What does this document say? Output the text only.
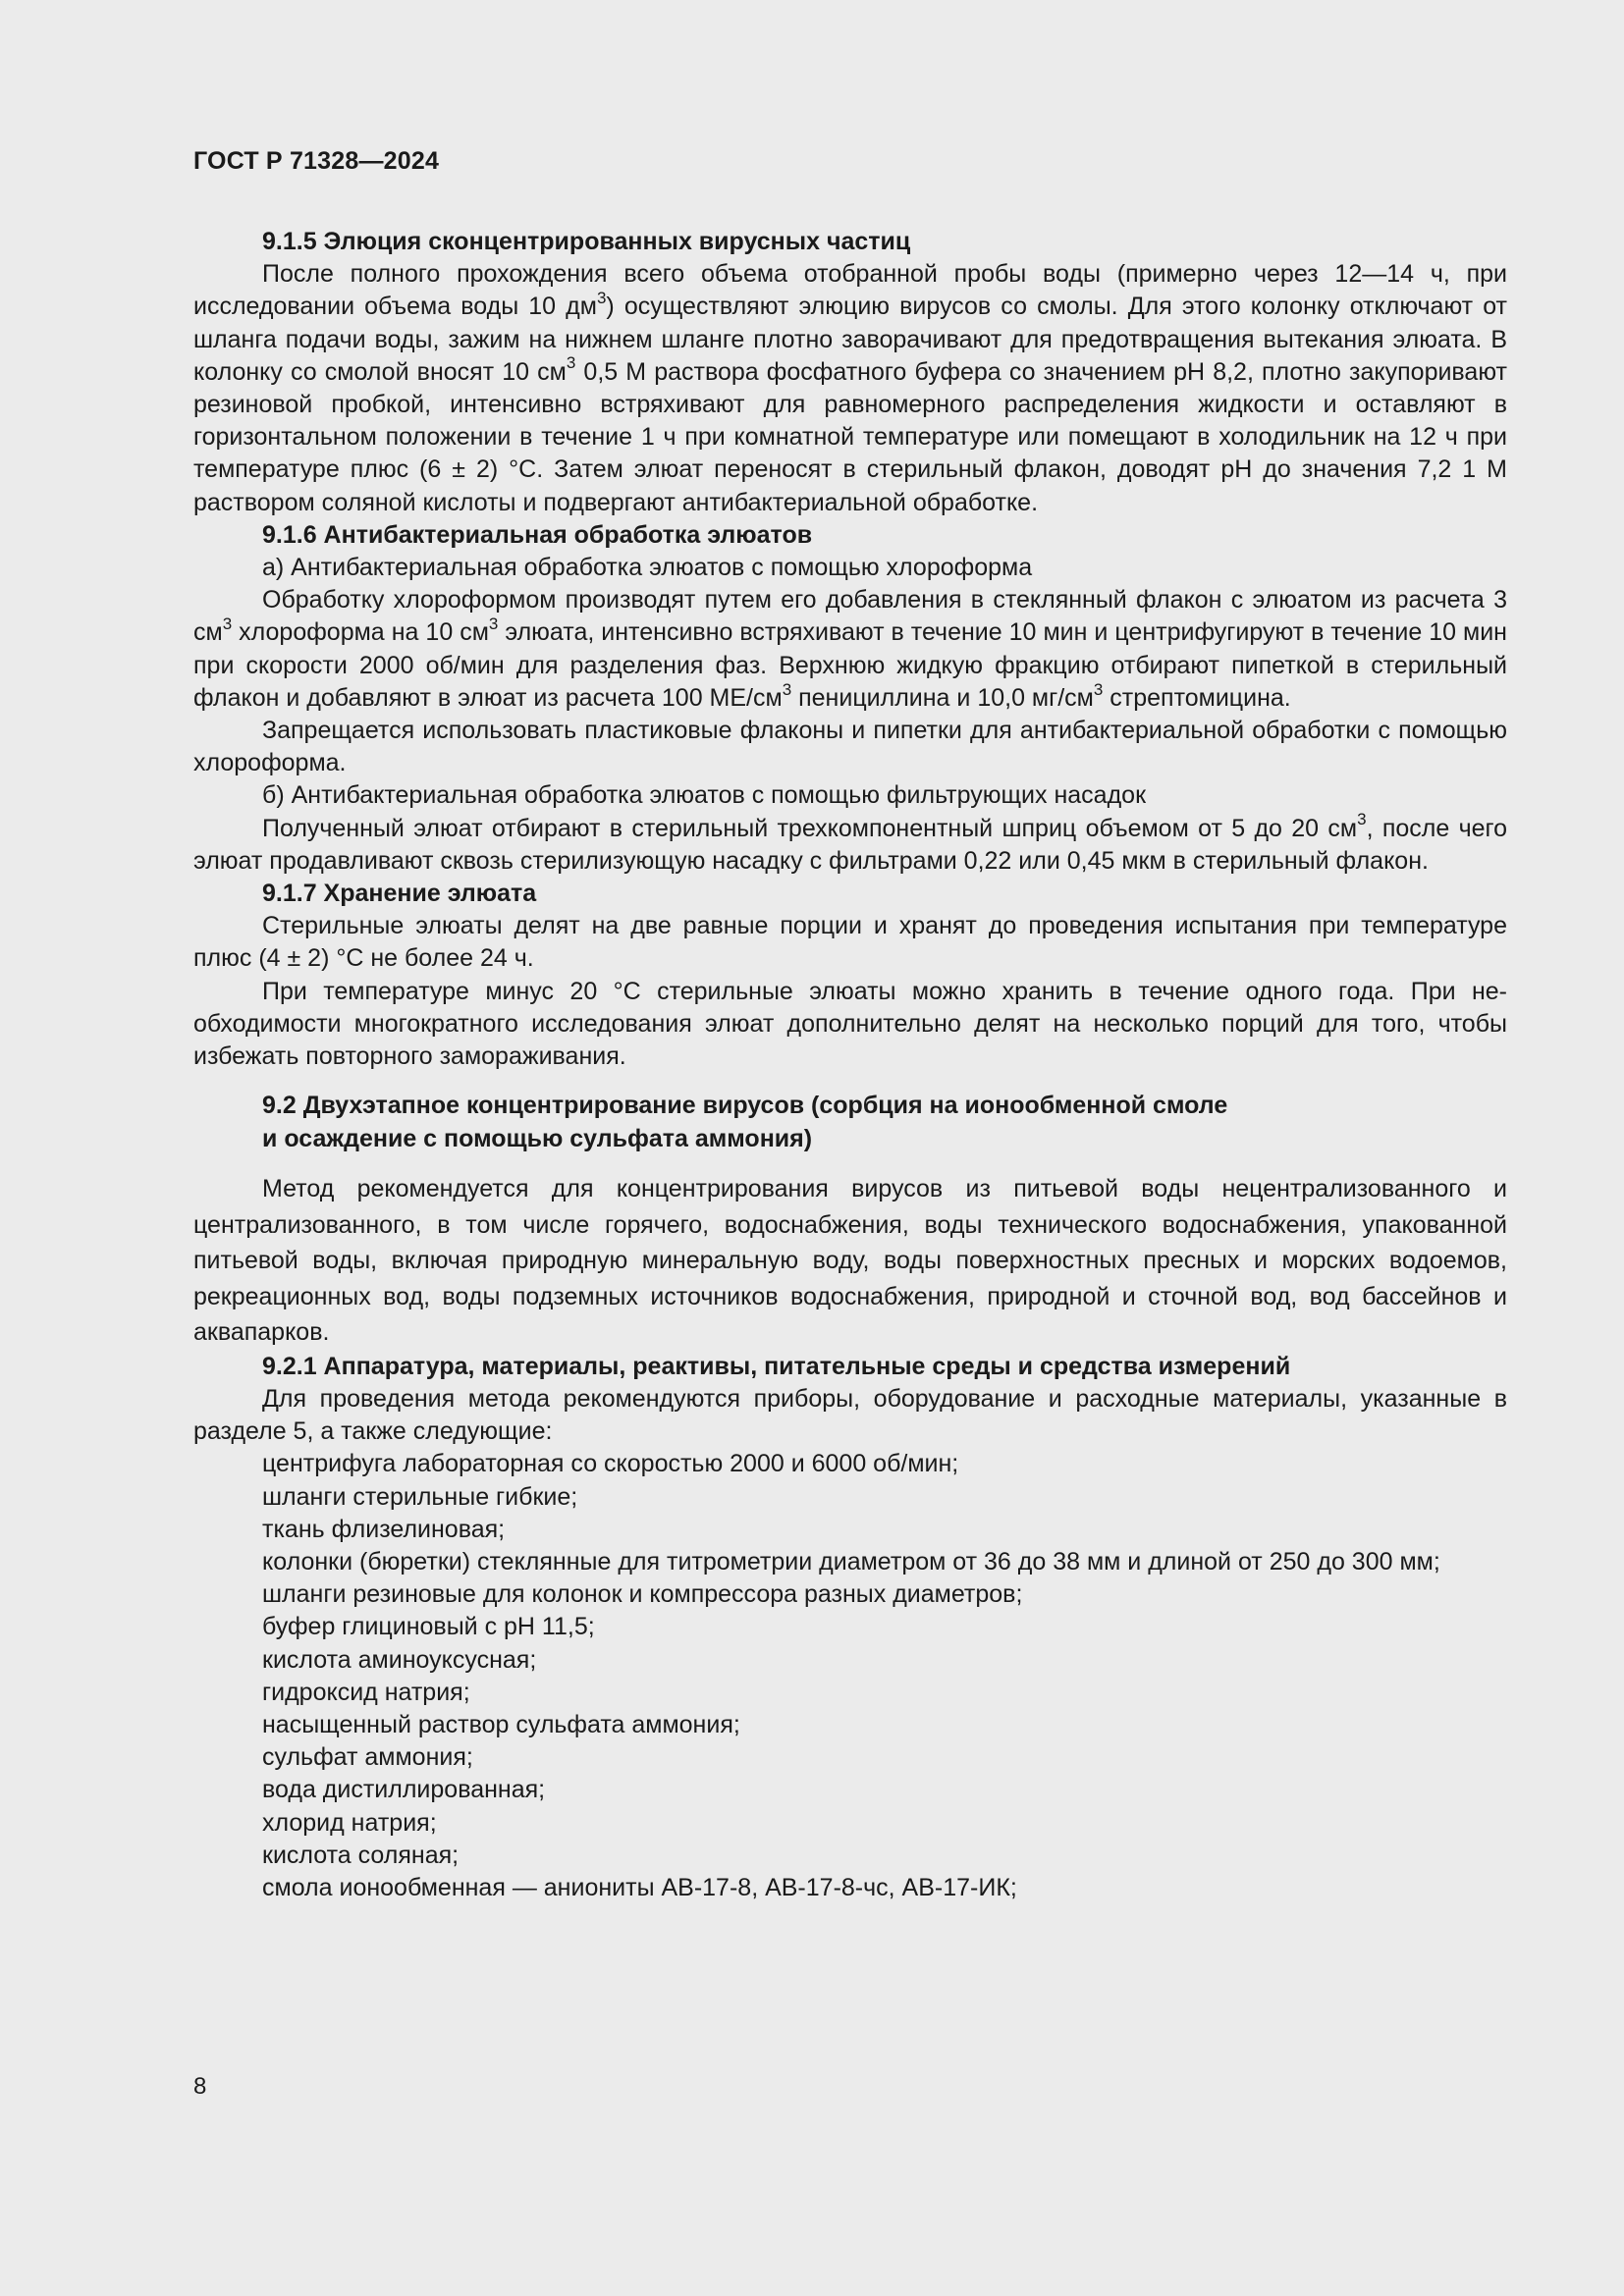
ГОСТ Р 71328—2024

9.1.5 Элюция сконцентрированных вирусных частиц

После полного прохождения всего объема отобранной пробы воды (примерно через 12—14 ч, при исследовании объема воды 10 $дм^3$) осуществляют элюцию вирусов со смолы. Для этого колонку отключают от шланга подачи воды, зажим на нижнем шланге плотно заворачивают для предотвращения вытекания элюата. В колонку со смолой вносят 10 $см^3$ 0,5 М раствора фосфатного буфера со значением рН 8,2, плотно закупоривают резиновой пробкой, интенсивно встряхивают для равномерного распределения жидкости и оставляют в горизонтальном положении в течение 1 ч при комнатной температуре или помещают в холодильник на 12 ч при температуре плюс (6 ± 2) °С. Затем элюат переносят в стерильный флакон, доводят рН до значения 7,2 1 М раствором соляной кислоты и подвергают антибактериальной обработке.

9.1.6 Антибактериальная обработка элюатов

а) Антибактериальная обработка элюатов с помощью хлороформа

Обработку хлороформом производят путем его добавления в стеклянный флакон с элюатом из расчета 3 $см^3$ хлороформа на 10 $см^3$ элюата, интенсивно встряхивают в течение 10 мин и центрифугируют в течение 10 мин при скорости 2000 об/мин для разделения фаз. Верхнюю жидкую фракцию отбирают пипеткой в стерильный флакон и добавляют в элюат из расчета 100 $МЕ/см^3$ пенициллина и 10,0 $мг/см^3$ стрептомицина.

Запрещается использовать пластиковые флаконы и пипетки для антибактериальной обработки с помощью хлороформа.

б) Антибактериальная обработка элюатов с помощью фильтрующих насадок

Полученный элюат отбирают в стерильный трехкомпонентный шприц объемом от 5 до 20 $см^3$, после чего элюат продавливают сквозь стерилизующую насадку с фильтрами 0,22 или 0,45 мкм в стерильный флакон.

9.1.7 Хранение элюата

Стерильные элюаты делят на две равные порции и хранят до проведения испытания при температуре плюс (4 ± 2) °С не более 24 ч.

При температуре минус 20 °С стерильные элюаты можно хранить в течение одного года. При необходимости многократного исследования элюат дополнительно делят на несколько порций для того, чтобы избежать повторного замораживания.

9.2 Двухэтапное концентрирование вирусов (сорбция на ионообменной смоле
и осаждение с помощью сульфата аммония)

Метод рекомендуется для концентрирования вирусов из питьевой воды нецентрализованного и централизованного, в том числе горячего, водоснабжения, воды технического водоснабжения, упакованной питьевой воды, включая природную минеральную воду, воды поверхностных пресных и морских водоемов, рекреационных вод, воды подземных источников водоснабжения, природной и сточной вод, вод бассейнов и аквапарков.

9.2.1 Аппаратура, материалы, реактивы, питательные среды и средства измерений

Для проведения метода рекомендуются приборы, оборудование и расходные материалы, указанные в разделе 5, а также следующие:

центрифуга лабораторная со скоростью 2000 и 6000 об/мин;

шланги стерильные гибкие;

ткань флизелиновая;

колонки (бюретки) стеклянные для титрометрии диаметром от 36 до 38 мм и длиной от 250 до 300 мм;

шланги резиновые для колонок и компрессора разных диаметров;

буфер глициновый с рН 11,5;

кислота аминоуксусная;

гидроксид натрия;

насыщенный раствор сульфата аммония;

сульфат аммония;

вода дистиллированная;

хлорид натрия;

кислота соляная;

смола ионообменная — аниониты АВ-17-8, АВ-17-8-чс, АВ-17-ИК;

8
